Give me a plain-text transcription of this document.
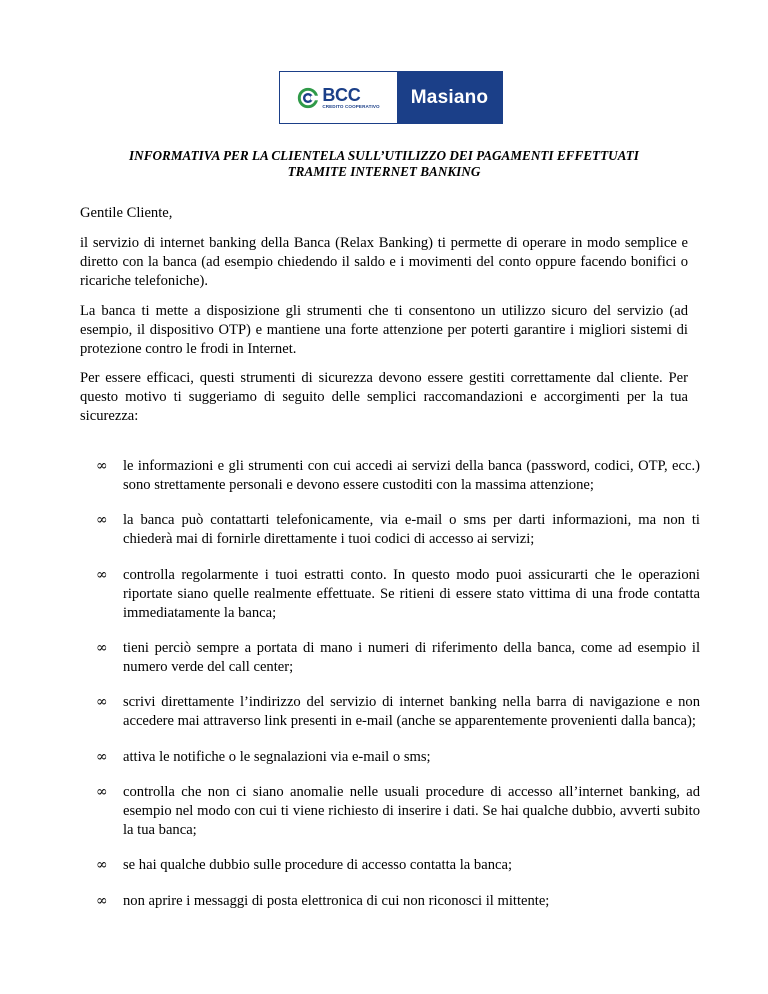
BCC
CREDITO COOPERATIVO	Masiano
INFORMATIVA PER LA CLIENTELA SULL’UTILIZZO DEI PAGAMENTI EFFETTUATI
TRAMITE INTERNET BANKING
Gentile Cliente,
il servizio di internet banking della Banca (Relax Banking) ti permette di operare in modo semplice e diretto con la banca (ad esempio chiedendo il saldo e i movimenti del conto oppure facendo bonifici o ricariche telefoniche).
La banca ti mette a disposizione gli strumenti che ti consentono un utilizzo sicuro del servizio (ad esempio, il dispositivo OTP) e mantiene una forte attenzione per poterti garantire i migliori sistemi di protezione contro le frodi in Internet.
Per essere efficaci, questi strumenti di sicurezza devono essere gestiti correttamente dal cliente. Per questo motivo ti suggeriamo di seguito delle semplici raccomandazioni e accorgimenti per la tua sicurezza:
∞ le informazioni e gli strumenti con cui accedi ai servizi della banca (password, codici, OTP, ecc.) sono strettamente personali e devono essere custoditi con la massima attenzione;
∞ la banca può contattarti telefonicamente, via e-mail o sms per darti informazioni, ma non ti chiederà mai di fornirle direttamente i tuoi codici di accesso ai servizi;
∞ controlla regolarmente i tuoi estratti conto. In questo modo puoi assicurarti che le operazioni riportate siano quelle realmente effettuate. Se ritieni di essere stato vittima di una frode contatta immediatamente la banca;
∞ tieni perciò sempre a portata di mano i numeri di riferimento della banca, come ad esempio il numero verde del call center;
∞ scrivi direttamente l’indirizzo del servizio di internet banking nella barra di navigazione e non accedere mai attraverso link presenti in e-mail (anche se apparentemente provenienti dalla banca);
∞ attiva le notifiche o le segnalazioni via e-mail o sms;
∞ controlla che non ci siano anomalie nelle usuali procedure di accesso all’internet banking, ad esempio nel modo con cui ti viene richiesto di inserire i dati. Se hai qualche dubbio, avverti subito la tua banca;
∞ se hai qualche dubbio sulle procedure di accesso contatta la banca;
∞ non aprire i messaggi di posta elettronica di cui non riconosci il mittente;
